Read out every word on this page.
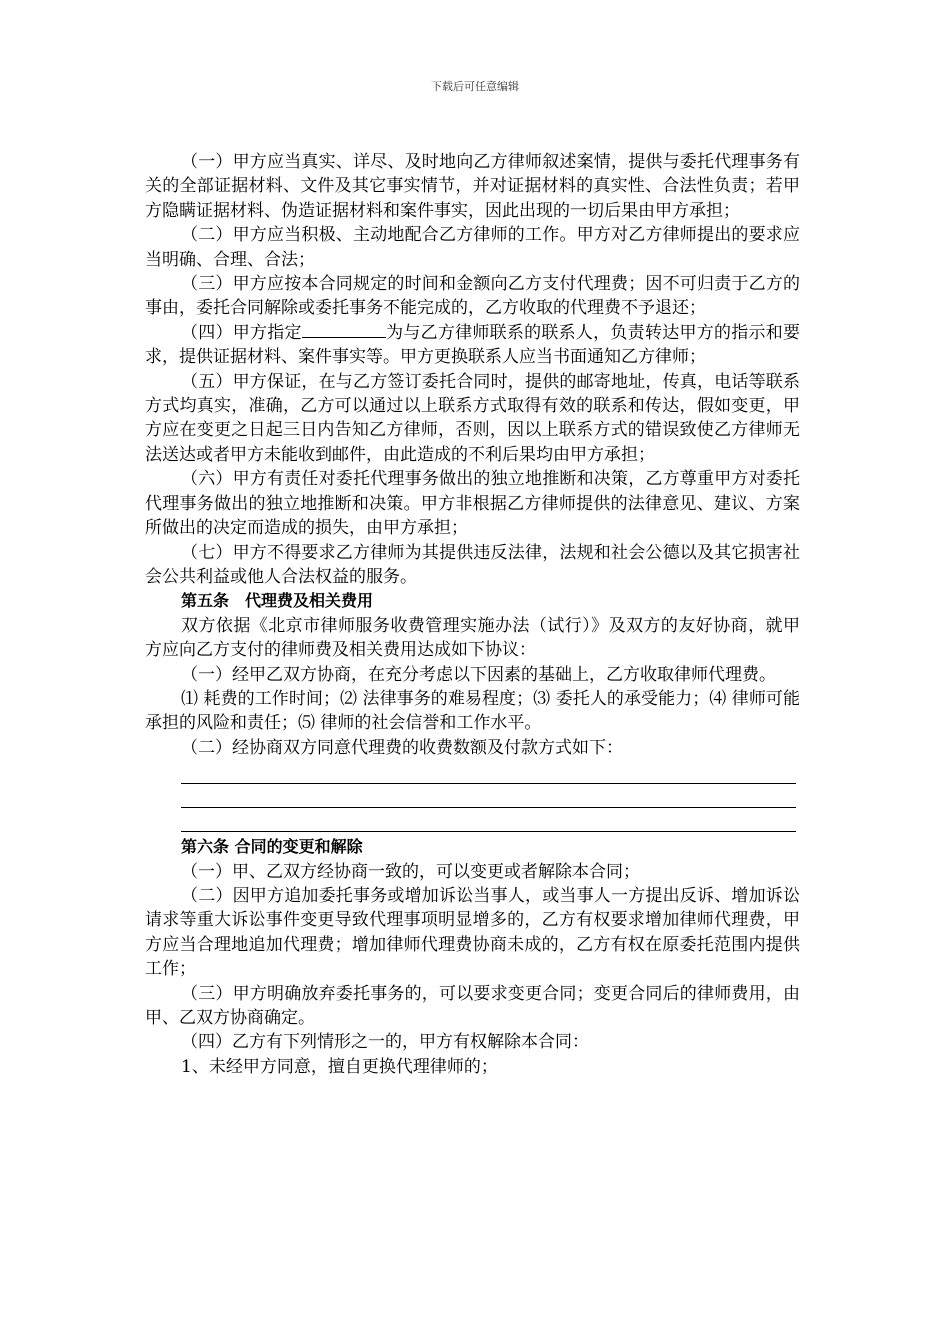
下载后可任意编辑

（一）甲方应当真实、详尽、及时地向乙方律师叙述案情，提供与委托代理事务有关的全部证据材料、文件及其它事实情节，并对证据材料的真实性、合法性负责；若甲方隐瞒证据材料、伪造证据材料和案件事实，因此出现的一切后果由甲方承担；

（二）甲方应当积极、主动地配合乙方律师的工作。甲方对乙方律师提出的要求应当明确、合理、合法；

（三）甲方应按本合同规定的时间和金额向乙方支付代理费；因不可归责于乙方的事由，委托合同解除或委托事务不能完成的，乙方收取的代理费不予退还；

（四）甲方指定	为与乙方律师联系的联系人，负责转达甲方的指示和要求，提供证据材料、案件事实等。甲方更换联系人应当书面通知乙方律师；

（五）甲方保证，在与乙方签订委托合同时，提供的邮寄地址，传真，电话等联系方式均真实，准确，乙方可以通过以上联系方式取得有效的联系和传达，假如变更，甲方应在变更之日起三日内告知乙方律师，否则，因以上联系方式的错误致使乙方律师无法送达或者甲方未能收到邮件，由此造成的不利后果均由甲方承担；

（六）甲方有责任对委托代理事务做出的独立地推断和决策，乙方尊重甲方对委托代理事务做出的独立地推断和决策。甲方非根据乙方律师提供的法律意见、建议、方案所做出的决定而造成的损失，由甲方承担；

（七）甲方不得要求乙方律师为其提供违反法律，法规和社会公德以及其它损害社会公共利益或他人合法权益的服务。

第五条　代理费及相关费用

双方依据《北京市律师服务收费管理实施办法（试行）》及双方的友好协商，就甲方应向乙方支付的律师费及相关费用达成如下协议：

（一）经甲乙双方协商，在充分考虑以下因素的基础上，乙方收取律师代理费。

⑴ 耗费的工作时间；⑵ 法律事务的难易程度；⑶ 委托人的承受能力；⑷ 律师可能承担的风险和责任；⑸ 律师的社会信誉和工作水平。

（二）经协商双方同意代理费的收费数额及付款方式如下：

第六条 合同的变更和解除

（一）甲、乙双方经协商一致的，可以变更或者解除本合同；

（二）因甲方追加委托事务或增加诉讼当事人，或当事人一方提出反诉、增加诉讼请求等重大诉讼事件变更导致代理事项明显增多的，乙方有权要求增加律师代理费，甲方应当合理地追加代理费；增加律师代理费协商未成的，乙方有权在原委托范围内提供工作；

（三）甲方明确放弃委托事务的，可以要求变更合同；变更合同后的律师费用，由甲、乙双方协商确定。

（四）乙方有下列情形之一的，甲方有权解除本合同：

1、未经甲方同意，擅自更换代理律师的；
